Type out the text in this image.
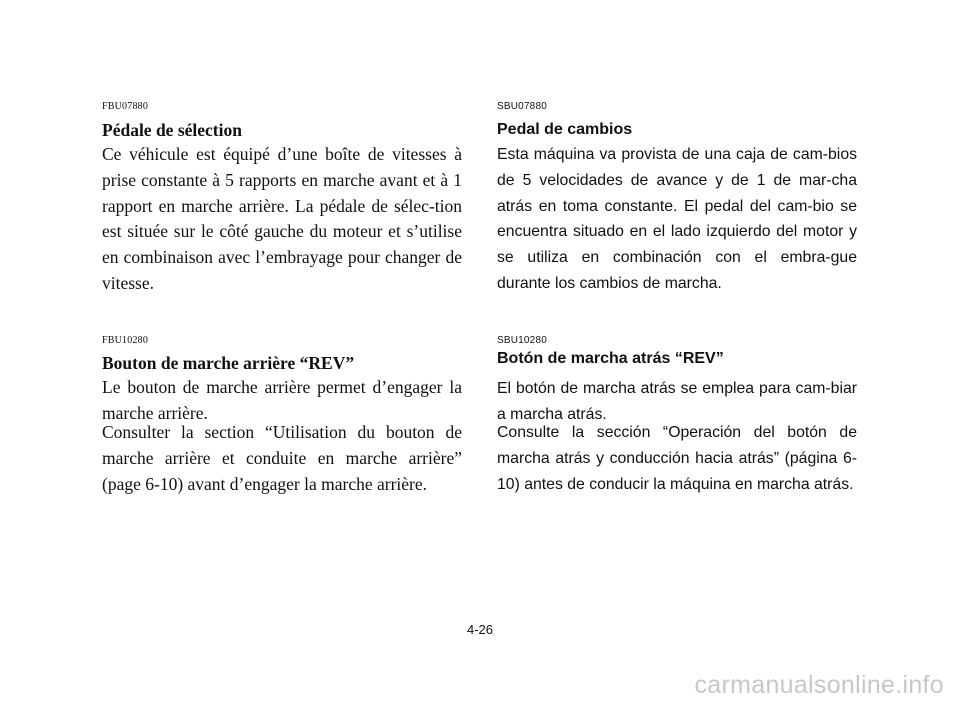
FBU07880
Pédale de sélection
Ce véhicule est équipé d’une boîte de vitesses à prise constante à 5 rapports en marche avant et à 1 rapport en marche arrière. La pédale de sélec-tion est située sur le côté gauche du moteur et s’utilise en combinaison avec l’embrayage pour changer de vitesse.
FBU10280
Bouton de marche arrière “REV”
Le bouton de marche arrière permet d’engager la marche arrière.
Consulter la section “Utilisation du bouton de marche arrière et conduite en marche arrière” (page 6-10) avant d’engager la marche arrière.
SBU07880
Pedal de cambios
Esta máquina va provista de una caja de cam-bios de 5 velocidades de avance y de 1 de mar-cha atrás en toma constante. El pedal del cam-bio se encuentra situado en el lado izquierdo del motor y se utiliza en combinación con el embra-gue durante los cambios de marcha.
SBU10280
Botón de marcha atrás “REV”
El botón de marcha atrás se emplea para cam-biar a marcha atrás.
Consulte la sección “Operación del botón de marcha atrás y conducción hacia atrás” (página 6-10) antes de conducir la máquina en marcha atrás.
4-26
carmanualsonline.info
